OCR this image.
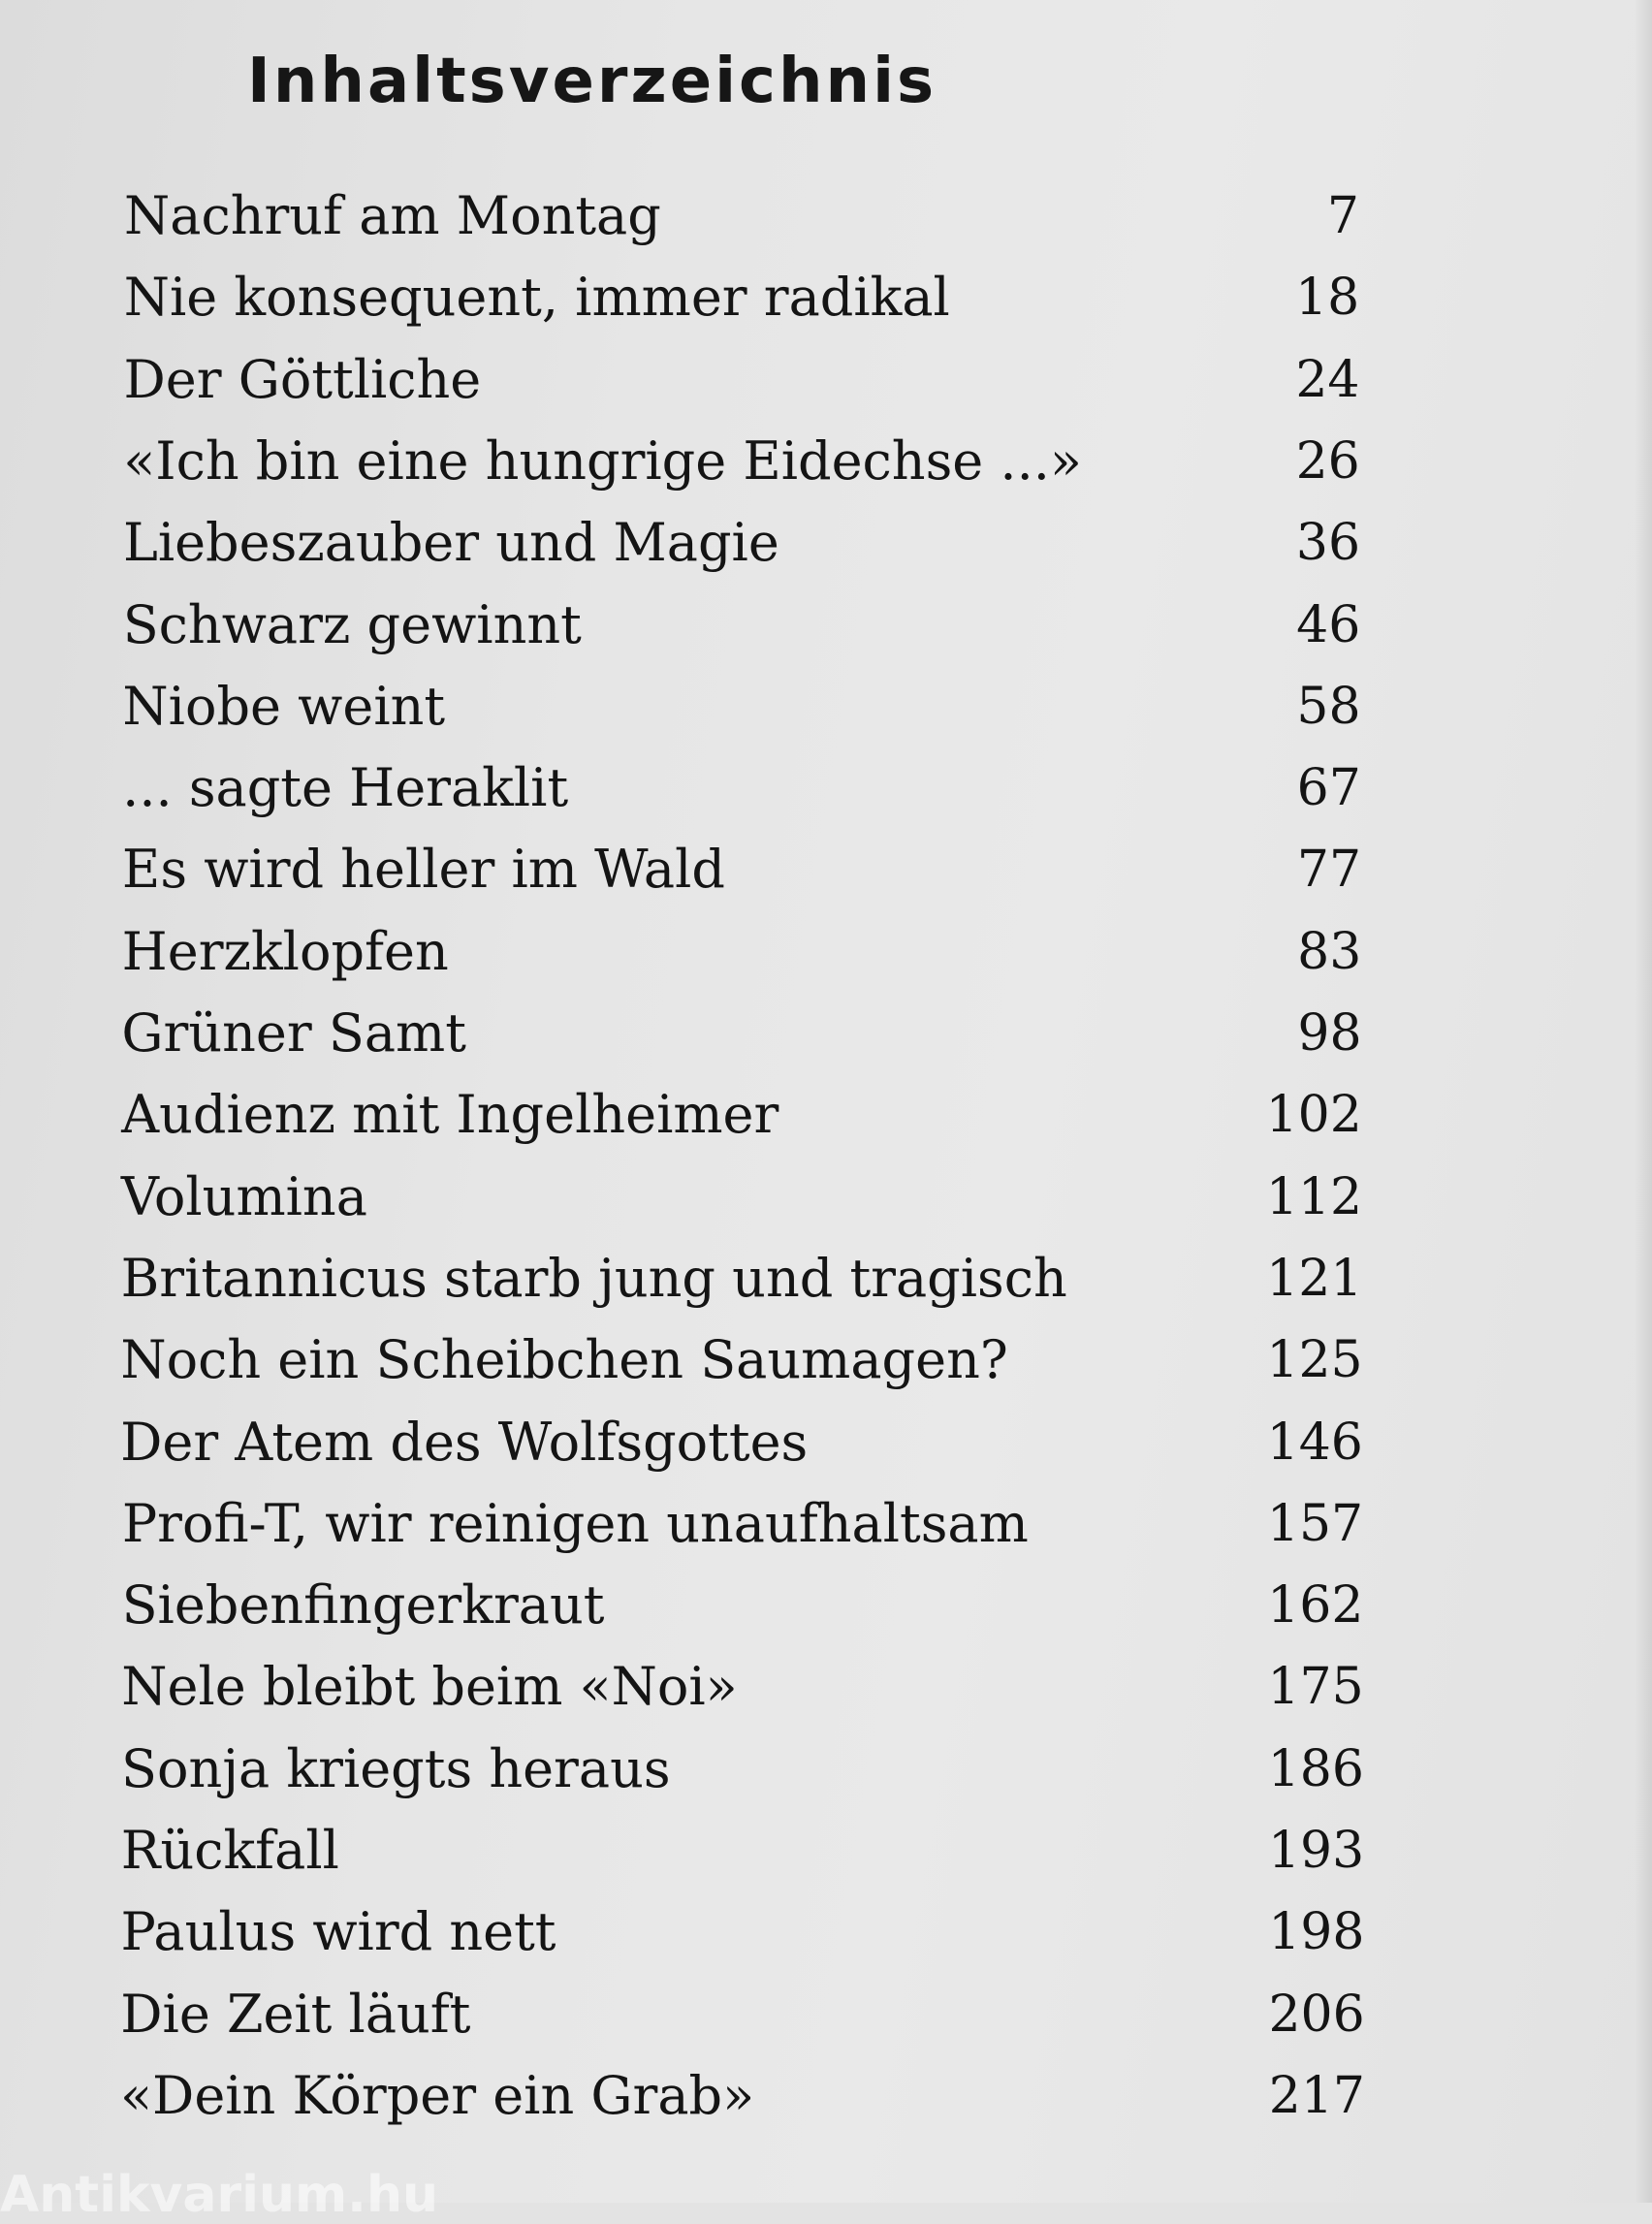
Inhaltsverzeichnis
Nachruf am Montag	7
Nie konsequent, immer radikal	18
Der Göttliche	24
«Ich bin eine hungrige Eidechse ...»	26
Liebeszauber und Magie	36
Schwarz gewinnt	46
Niobe weint	58
... sagte Heraklit	67
Es wird heller im Wald	77
Herzklopfen	83
Grüner Samt	98
Audienz mit Ingelheimer	102
Volumina	112
Britannicus starb jung und tragisch	121
Noch ein Scheibchen Saumagen?	125
Der Atem des Wolfsgottes	146
Profi-T, wir reinigen unaufhaltsam	157
Siebenfingerkraut	162
Nele bleibt beim «Noi»	175
Sonja kriegts heraus	186
Rückfall	193
Paulus wird nett	198
Die Zeit läuft	206
«Dein Körper ein Grab»	217
Antikvarium.hu
